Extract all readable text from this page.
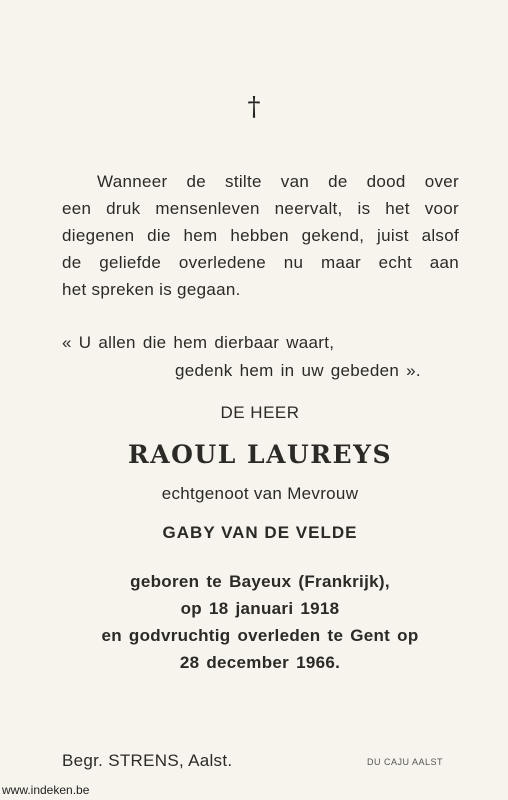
†
Wanneer de stilte van de dood over
een druk mensenleven neervalt, is het voor
diegenen die hem hebben gekend, juist alsof
de geliefde overledene nu maar echt aan
het spreken is gegaan.
« U allen die hem dierbaar waart,
gedenk hem in uw gebeden ».
DE HEER
RAOUL LAUREYS
echtgenoot van Mevrouw
GABY VAN DE VELDE
geboren te Bayeux (Frankrijk),
op 18 januari 1918
en godvruchtig overleden te Gent op
28 december 1966.
Begr. STRENS, Aalst.	DU CAJU AALST
www.indeken.be
